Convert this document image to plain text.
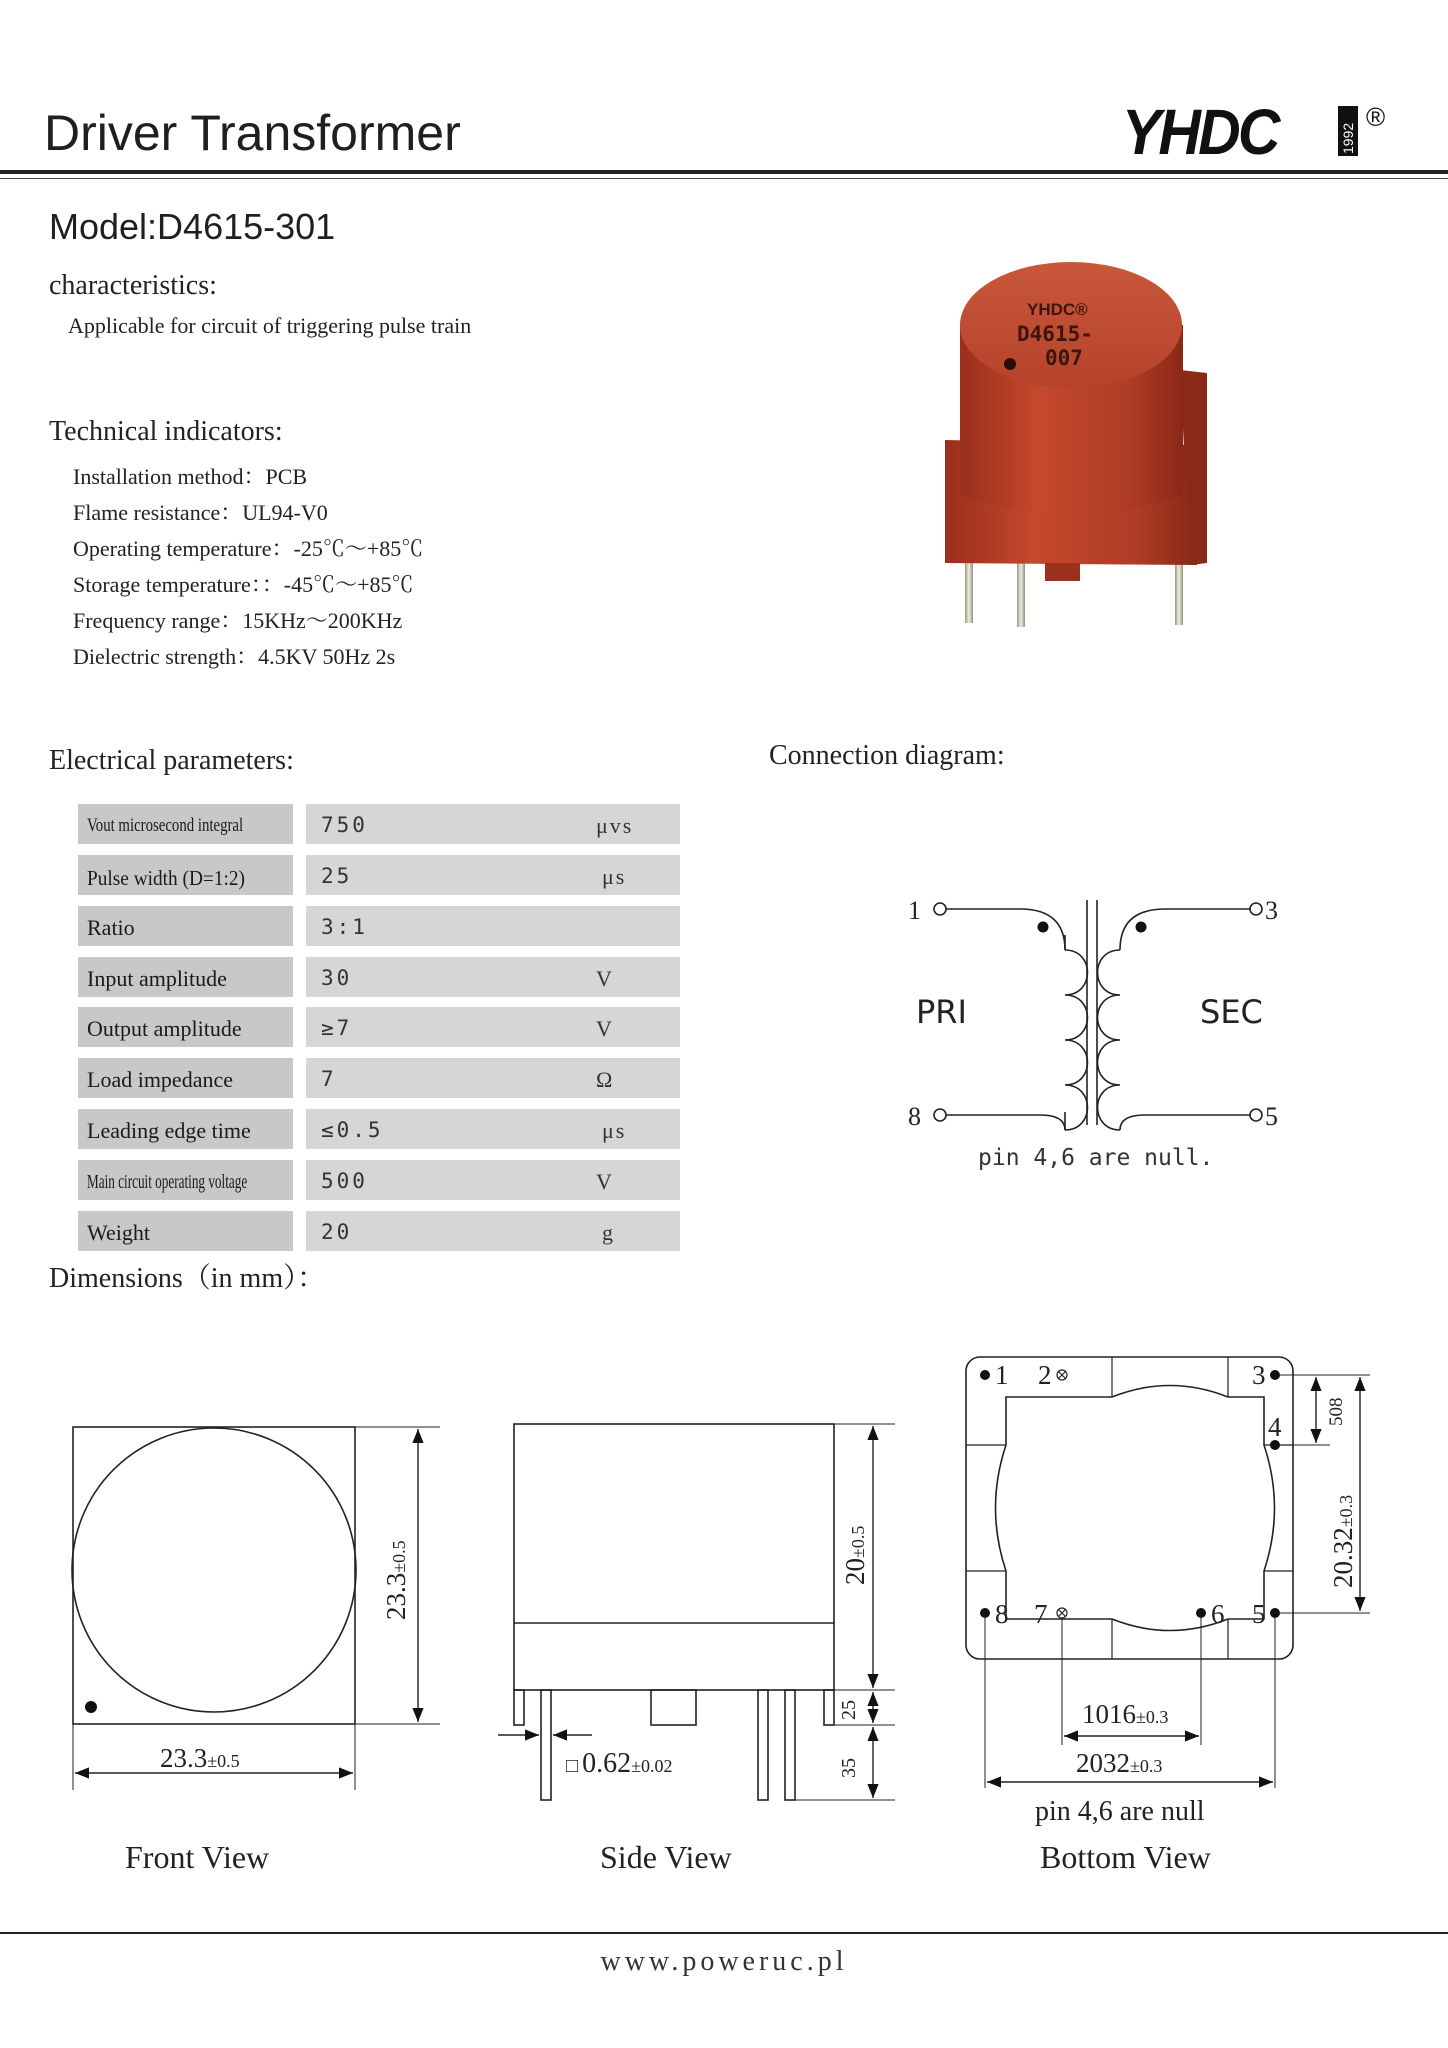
Driver Transformer	YHDC	1992
®
Model:D4615-301
characteristics:
Applicable for circuit of triggering pulse train
Technical indicators:
Installation method：PCB
Flame resistance：UL94-V0
Operating temperature：-25℃～+85℃
Storage temperature：：-45℃～+85℃
Frequency range：15KHz～200KHz
Dielectric strength：4.5KV 50Hz 2s
YHDC®
D4615-
007
Electrical parameters:
Vout microsecond integral	750	μvs
Pulse width (D=1:2)	25	μs
Ratio	3:1
Input amplitude	30	V
Output amplitude	≥7	V
Load impedance	7	Ω
Leading edge time	≤0.5	μs
Main circuit operating voltage	500	V
Weight	20	g
Connection diagram:
1	3
8	5
PRI	SEC
pin 4,6 are null.
Dimensions（in mm）：
23.3±0.5
23.3±0.5
Front View
20±0.5
25
35
□ 0.62±0.02
Side View
1 2	3
4
8 7	6 5
508
20.32±0.3
1016±0.3
2032±0.3
pin 4,6 are null
Bottom View
www.poweruc.pl
